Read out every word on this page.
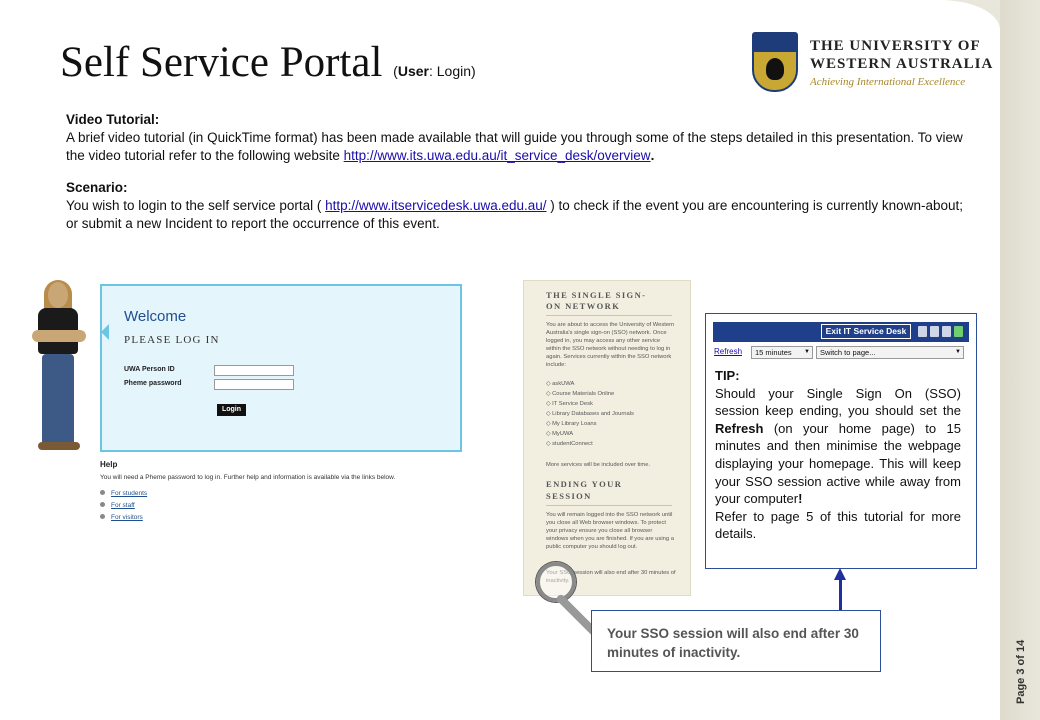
Self Service Portal (User: Login)
THE UNIVERSITY OF
WESTERN AUSTRALIA
Achieving International Excellence
Video Tutorial:

A brief video tutorial (in QuickTime format) has been made available that will guide you through some of the steps detailed in this presentation. To view the video tutorial refer to the following website http://www.its.uwa.edu.au/it_service_desk/overview.

Scenario:

You wish to login to the self service portal ( http://www.itservicedesk.uwa.edu.au/ ) to check if the event you are encountering is currently known-about; or submit a new Incident to report the occurrence of this event.

Welcome
PLEASE LOG IN
UWA Person ID
Pheme password
Login
Help
You will need a Pheme password to log in. Further help and information is available via the links below.
For students
For staff
For visitors
THE SINGLE SIGN-
ON NETWORK
You are about to access the University of Western Australia's single sign-on (SSO) network. Once logged in, you may access any other service within the SSO network without needing to log in again. Services currently within the SSO network include:
◇ askUWA
◇ Course Materials Online
◇ IT Service Desk
◇ Library Databases and Journals
◇ My Library Loans
◇ MyUWA
◇ studentConnect
More services will be included over time.
ENDING YOUR
SESSION
You will remain logged into the SSO network until you close all Web browser windows. To protect your privacy ensure you close all browser windows when you are finished. If you are using a public computer you should log out.
Your SSO session will also end after 30 minutes of inactivity.
Your SSO session will also end after 30 minutes of inactivity.
Exit IT Service Desk
Refresh	15 minutes ▼	Switch to page...	▼
TIP:
Should your Single Sign On (SSO) session keep ending, you should set the Refresh (on your home page) to 15 minutes and then minimise the webpage displaying your homepage. This will keep your SSO session active while away from your computer!
Refer to page 5 of this tutorial for more details.
Page 3 of 14
